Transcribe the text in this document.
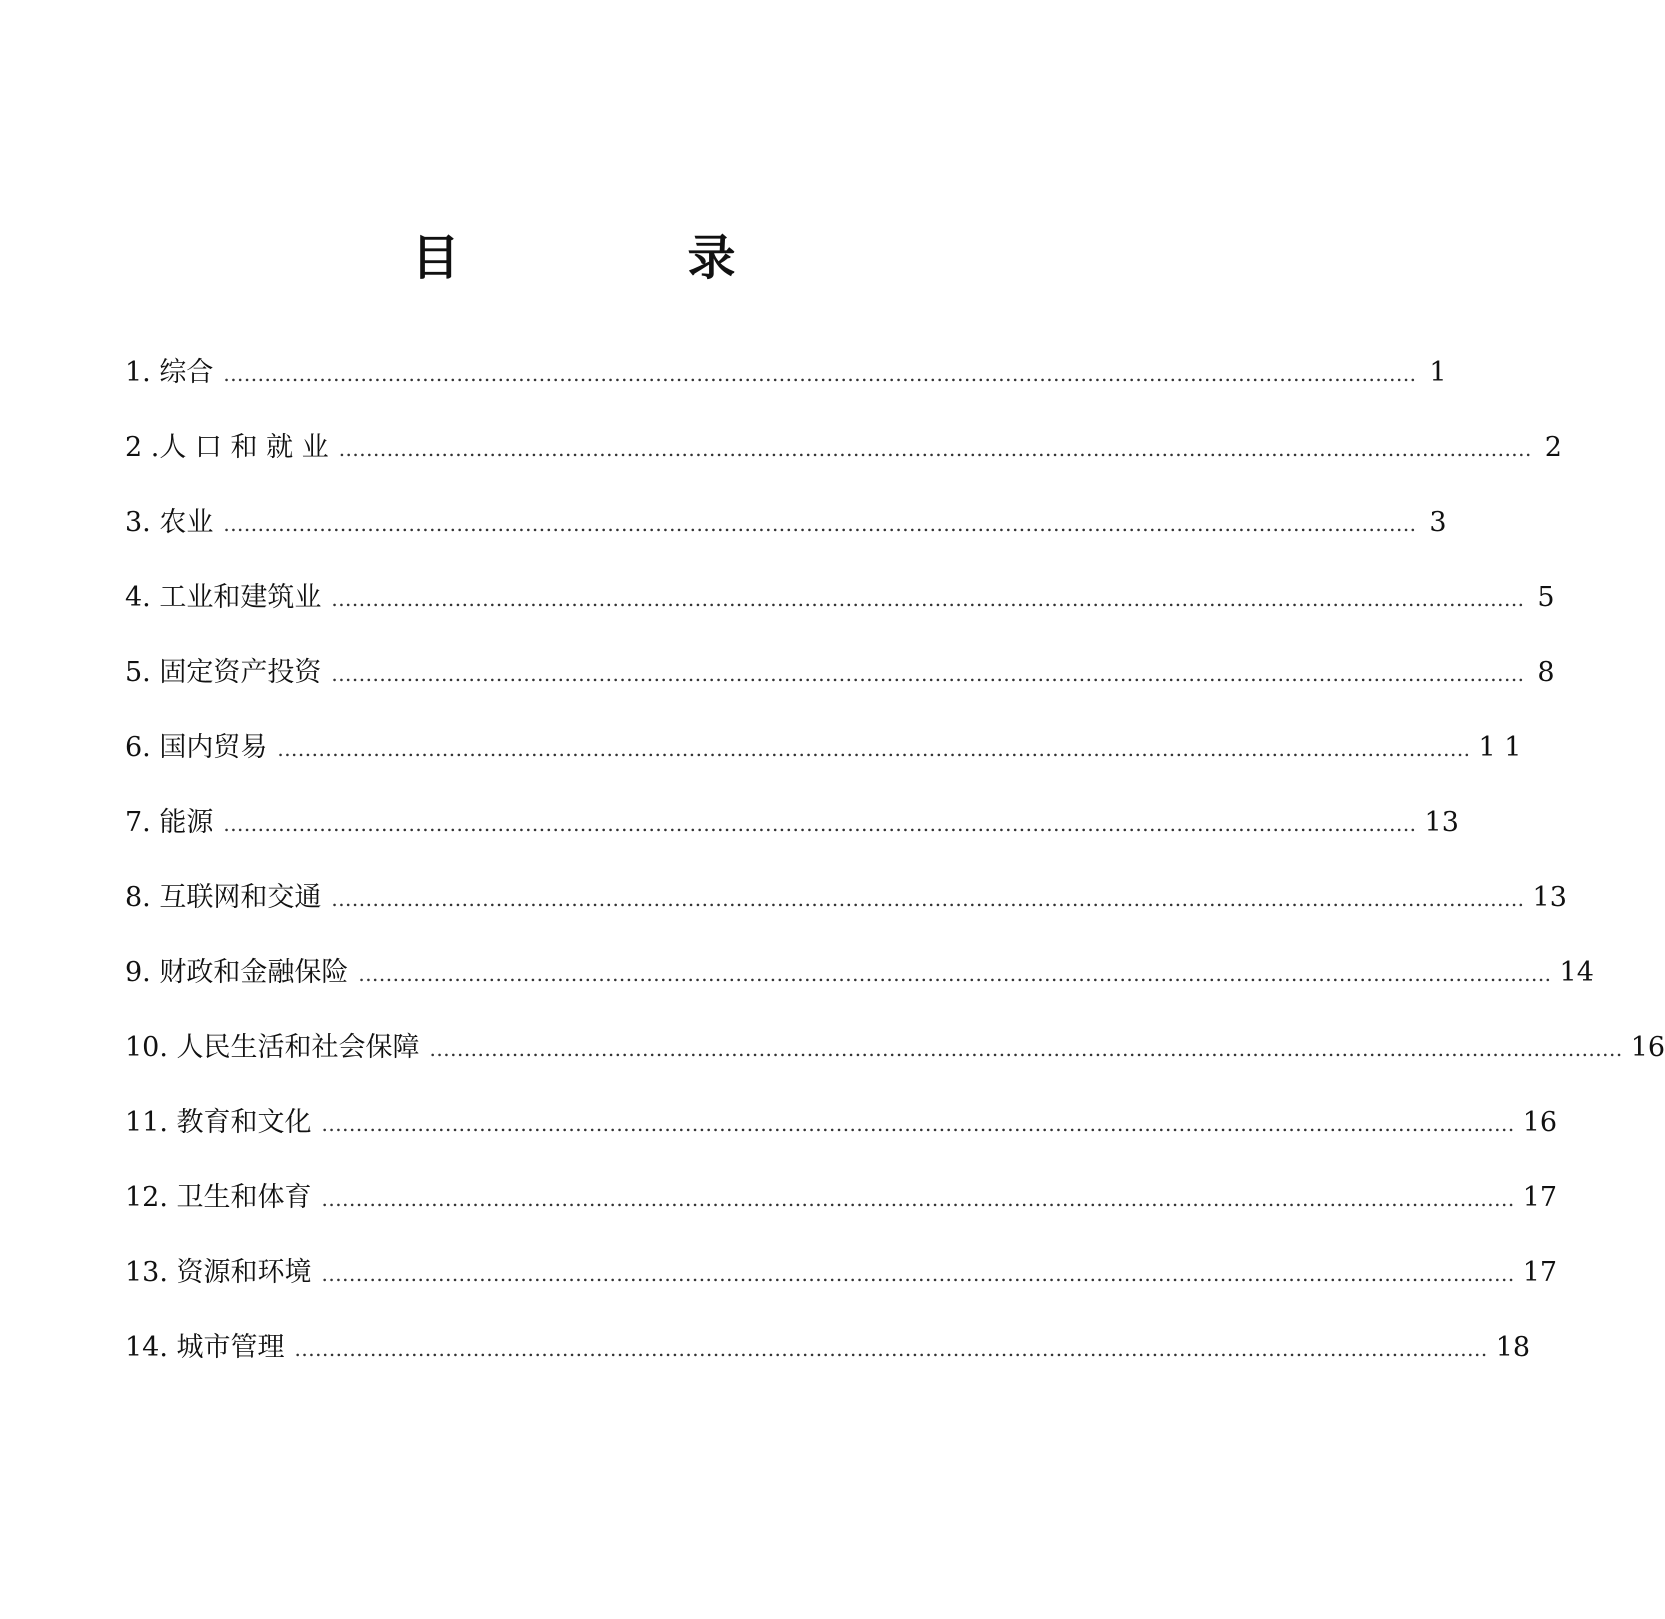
目　录
1. 综合 .............................................................................................................................................................................. 1
2 .人 口 和 就 业 .............................................................................................................................................................................. 2
3. 农业 .............................................................................................................................................................................. 3
4. 工业和建筑业 .............................................................................................................................................................................. 5
5. 固定资产投资 .............................................................................................................................................................................. 8
6. 国内贸易 .............................................................................................................................................................................. 1 1
7. 能源 .............................................................................................................................................................................. 13
8. 互联网和交通 .............................................................................................................................................................................. 13
9. 财政和金融保险 .............................................................................................................................................................................. 14
10. 人民生活和社会保障 .............................................................................................................................................................................. 16
11. 教育和文化 .............................................................................................................................................................................. 16
12. 卫生和体育 .............................................................................................................................................................................. 17
13. 资源和环境 .............................................................................................................................................................................. 17
14. 城市管理 .............................................................................................................................................................................. 18
